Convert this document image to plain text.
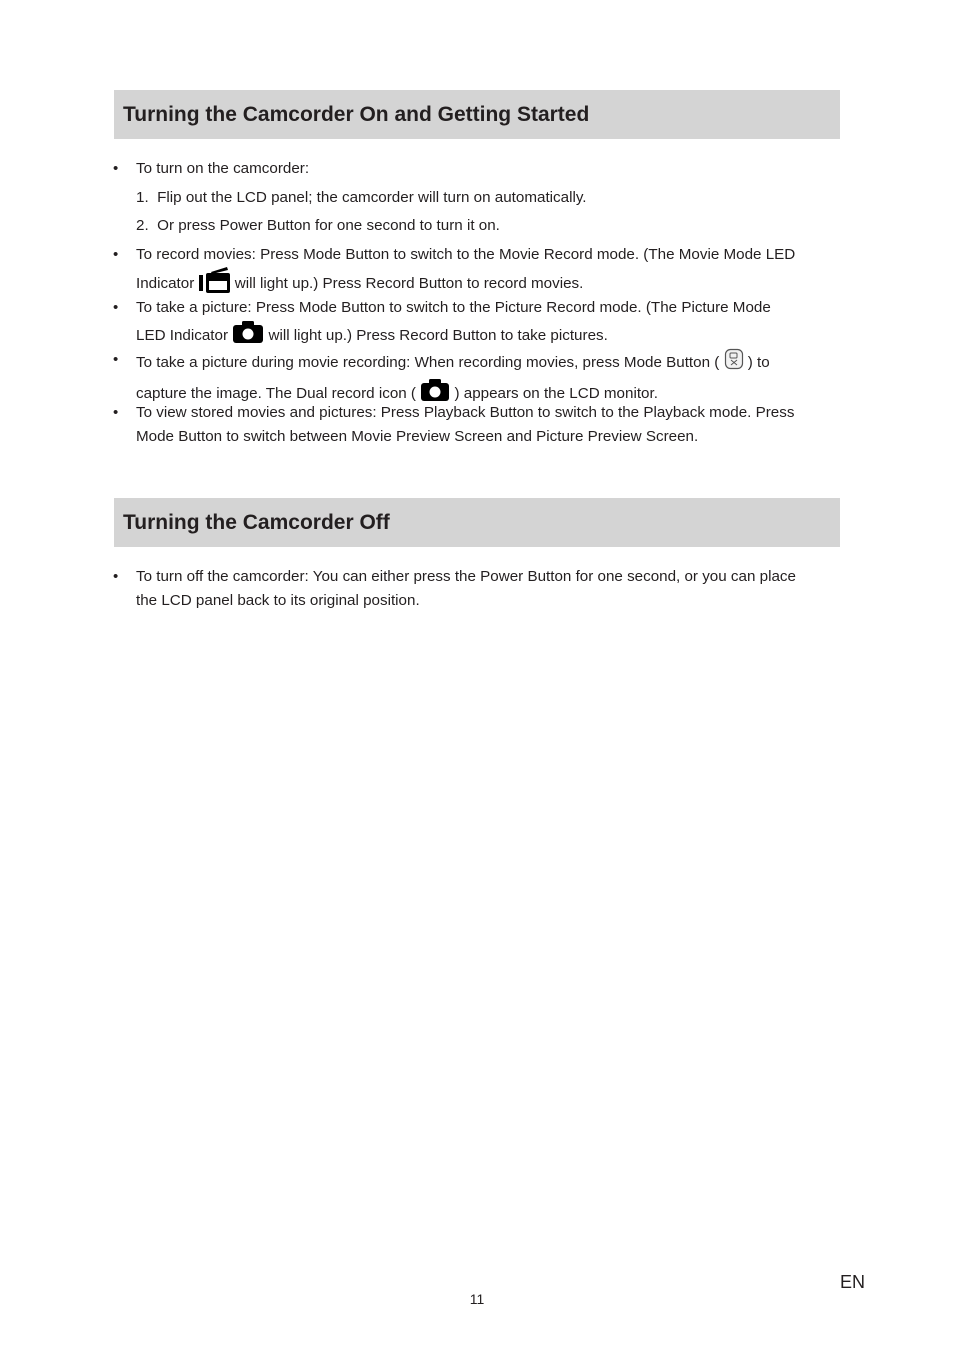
Turning the Camcorder On and Getting Started
• To turn on the camcorder:
1. Flip out the LCD panel; the camcorder will turn on automatically.
2. Or press Power Button for one second to turn it on.
• To record movies: Press Mode Button to switch to the Movie Record mode. (The Movie Mode LED
Indicator	will light up.) Press Record Button to record movies.
• To take a picture: Press Mode Button to switch to the Picture Record mode. (The Picture Mode
LED Indicator	will light up.) Press Record Button to take pictures.
• To take a picture during movie recording: When recording movies, press Mode Button ( ) to
capture the image. The Dual record icon (	) appears on the LCD monitor.
• To view stored movies and pictures: Press Playback Button to switch to the Playback mode. Press
Mode Button to switch between Movie Preview Screen and Picture Preview Screen.
Turning the Camcorder Off
• To turn off the camcorder: You can either press the Power Button for one second, or you can place
the LCD panel back to its original position.
EN
11
